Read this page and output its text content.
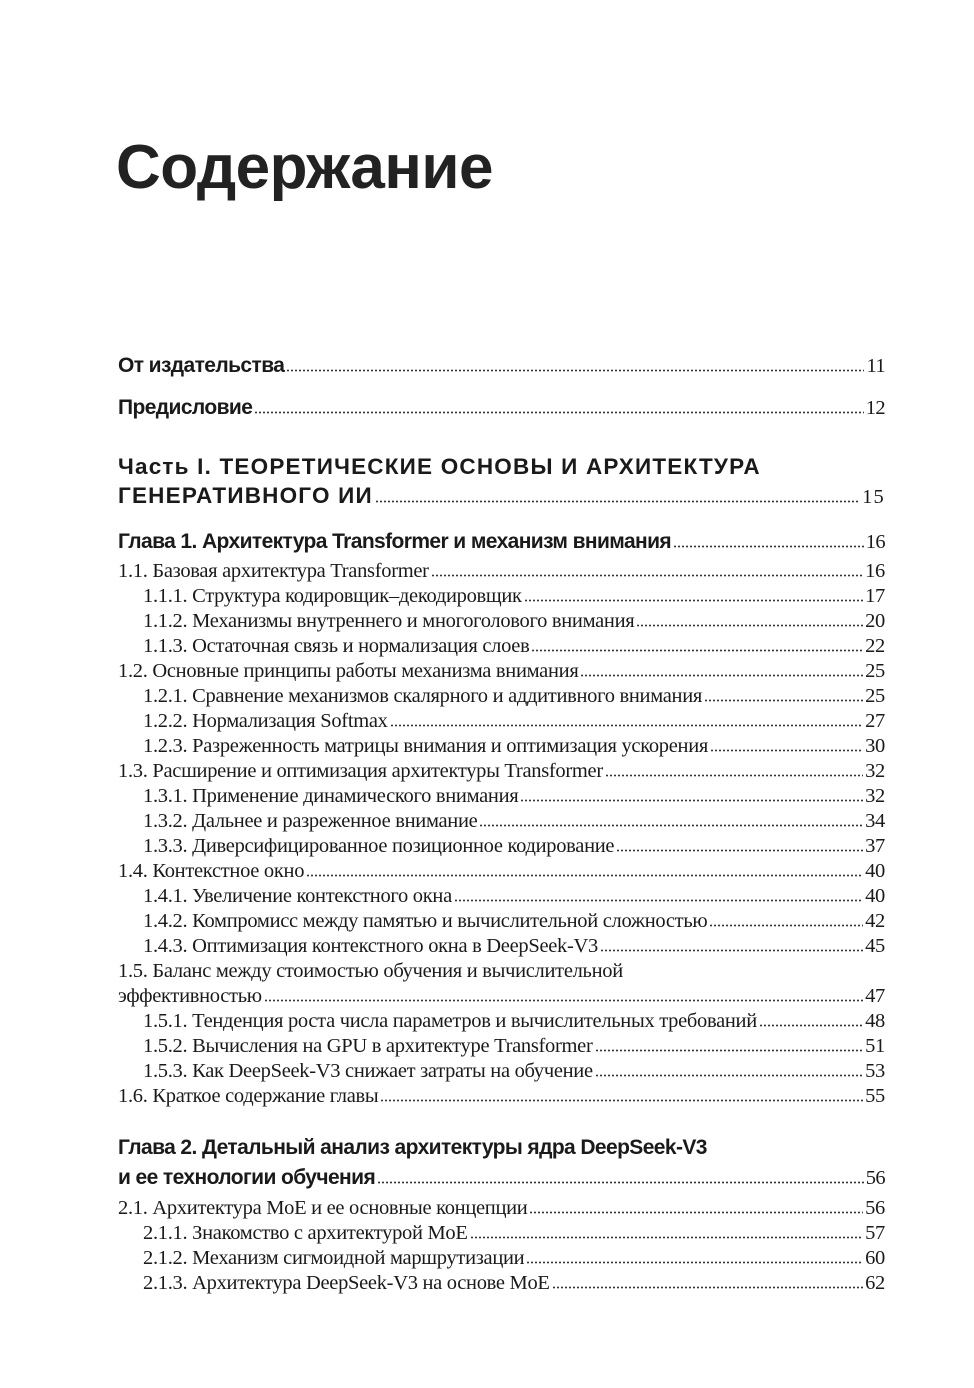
Содержание
От издательства	11
Предисловие	12
Часть I. ТЕОРЕТИЧЕСКИЕ ОСНОВЫ И АРХИТЕКТУРА
ГЕНЕРАТИВНОГО ИИ	15
Глава 1. Архитектура Transformer и механизм внимания	16
1.1. Базовая архитектура Transformer	16
1.1.1. Структура кодировщик–декодировщик	17
1.1.2. Механизмы внутреннего и многоголового внимания	20
1.1.3. Остаточная связь и нормализация слоев	22
1.2. Основные принципы работы механизма внимания	25
1.2.1. Сравнение механизмов скалярного и аддитивного внимания	25
1.2.2. Нормализация Softmax	27
1.2.3. Разреженность матрицы внимания и оптимизация ускорения	30
1.3. Расширение и оптимизация архитектуры Transformer	32
1.3.1. Применение динамического внимания	32
1.3.2. Дальнее и разреженное внимание	34
1.3.3. Диверсифицированное позиционное кодирование	37
1.4. Контекстное окно	40
1.4.1. Увеличение контекстного окна	40
1.4.2. Компромисс между памятью и вычислительной сложностью	42
1.4.3. Оптимизация контекстного окна в DeepSeek-V3	45
1.5. Баланс между стоимостью обучения и вычислительной
эффективностью	47
1.5.1. Тенденция роста числа параметров и вычислительных требований	48
1.5.2. Вычисления на GPU в архитектуре Transformer	51
1.5.3. Как DeepSeek-V3 снижает затраты на обучение	53
1.6. Краткое содержание главы	55
Глава 2. Детальный анализ архитектуры ядра DeepSeek-V3
и ее технологии обучения	56
2.1. Архитектура MoE и ее основные концепции	56
2.1.1. Знакомство с архитектурой MoE	57
2.1.2. Механизм сигмоидной маршрутизации	60
2.1.3. Архитектура DeepSeek-V3 на основе MoE	62
